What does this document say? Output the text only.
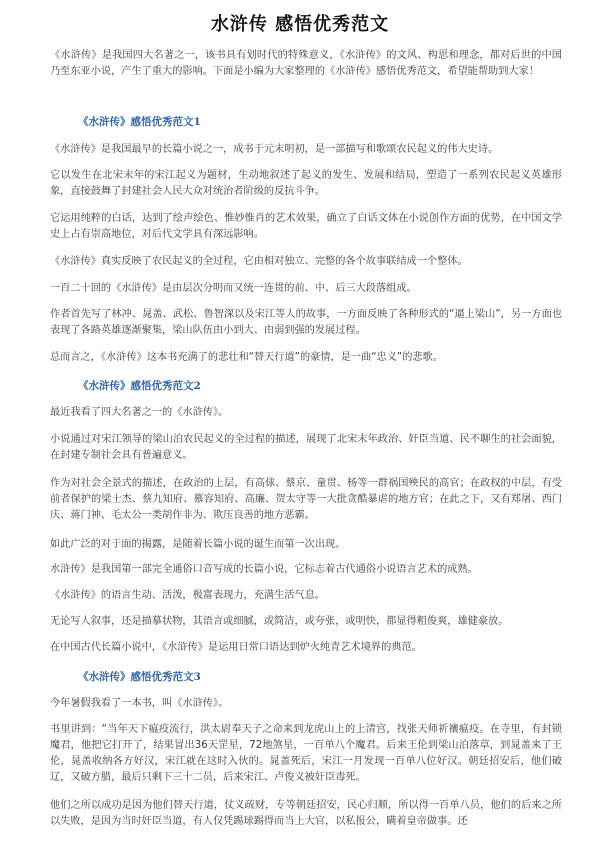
水浒传 感悟优秀范文

《水浒传》是我国四大名著之一，该书具有划时代的特殊意义，《水浒传》的文风、构思和理念，都对后世的中国乃至东亚小说，产生了重大的影响。下面是小编为大家整理的《水浒传》感悟优秀范文，希望能帮助到大家！

《水浒传》感悟优秀范文1

《水浒传》是我国最早的长篇小说之一，成书于元末明初，是一部描写和歌颂农民起义的伟大史诗。

它以发生在北宋末年的宋江起义为题材，生动地叙述了起义的发生、发展和结局，塑造了一系列农民起义英雄形象，直接鼓舞了封建社会人民大众对统治者阶级的反抗斗争。

它运用纯粹的白话，达到了绘声绘色、惟妙惟肖的艺术效果，确立了白话文体在小说创作方面的优势，在中国文学史上占有崇高地位，对后代文学具有深远影响。

《水浒传》真实反映了农民起义的全过程，它由相对独立、完整的各个故事联结成一个整体。

一百二十回的《水浒传》是由层次分明而又统一连贯的前、中、后三大段落组成。

作者首先写了林冲、晁盖、武松、鲁智深以及宋江等人的故事，一方面反映了各种形式的“逼上梁山”，另一方面也表现了各路英雄逐渐聚集，梁山队伍由小到大、由弱到强的发展过程。

总而言之，《水浒传》这本书充满了的悲壮和“替天行道”的豪情，是一曲“忠义”的悲歌。

《水浒传》感悟优秀范文2

最近我看了四大名著之一的《水浒传》。

小说通过对宋江领导的梁山泊农民起义的全过程的描述，展现了北宋末年政治、奸臣当道、民不聊生的社会面貌，在封建专制社会具有普遍意义。

作为对社会全景式的描述，在政治的上层，有高俅、蔡京、童贯、杨等一群祸国殃民的高官；在政权的中层，有受前者保护的梁士杰、蔡九知府、慕容知府、高廉、贺太守等一大批贪酷暴虐的地方官；在此之下，又有郑屠、西门庆、蒋门神、毛太公一类胡作非为、欺压良善的地方恶霸。

如此广泛的对于面的揭露，是随着长篇小说的诞生而第一次出现。

水浒传》是我国第一部完全通俗口音写成的长篇小说，它标志着古代通俗小说语言艺术的成熟。

《水浒传》的语言生动、活泼，极富表现力，充满生活气息。

无论写人叙事，还是描摹状物，其语言或细腻，或简洁，或夸张，或明快，都显得粗俊爽，雄健豪放。

在中国古代长篇小说中，《水浒传》是运用日常口语达到炉火纯青艺术境界的典范。

《水浒传》感悟优秀范文3

今年暑假我看了一本书，叫《水浒传》。

书里讲到：“当年天下瘟疫流行，洪太尉奉天子之命来到龙虎山上的上清宫，找张天师祈禳瘟疫。在寺里，有封锁魔君，他把它打开了，结果冒出36天罡星，72地煞星，一百单八个魔君。后来王伦到梁山泊落草，到晁盖来了王伦，晁盖收纳各方好汉，宋江就在这时入伙的。晁盖死后，宋江一月发现一百单八位好汉。朝廷招安后，他们破辽，又破方腊，最后只剩下三十二员，后来宋江、卢俊义被奸臣毒死。

他们之所以成功是因为他们替天行道，仗义疏财，专等朝廷招安，民心归顺，所以得一百单八员，他们的后来之所以失败，是因为当时奸臣当道，有人仅凭踢球踢得而当上大官，以私报公，瞒着皇帝做事。还
